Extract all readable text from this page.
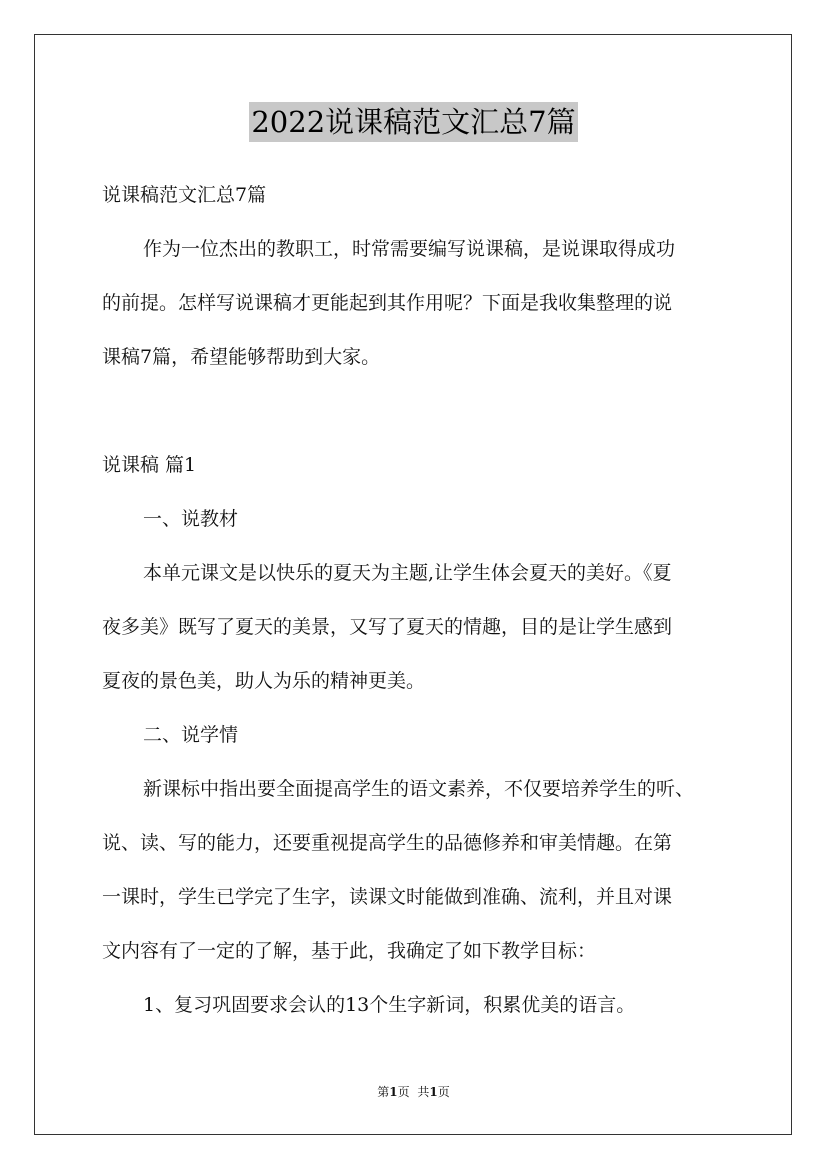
2022说课稿范文汇总7篇
说课稿范文汇总7篇
作为一位杰出的教职工，时常需要编写说课稿，是说课取得成功
的前提。怎样写说课稿才更能起到其作用呢？下面是我收集整理的说
课稿7篇，希望能够帮助到大家。
说课稿 篇1
一、说教材
本单元课文是以快乐的夏天为主题,让学生体会夏天的美好。《夏
夜多美》既写了夏天的美景，又写了夏天的情趣，目的是让学生感到
夏夜的景色美，助人为乐的精神更美。
二、说学情
新课标中指出要全面提高学生的语文素养，不仅要培养学生的听、
说、读、写的能力，还要重视提高学生的品德修养和审美情趣。在第
一课时，学生已学完了生字，读课文时能做到准确、流利，并且对课
文内容有了一定的了解，基于此，我确定了如下教学目标：
1、复习巩固要求会认的13个生字新词，积累优美的语言。
第1页 共1页
